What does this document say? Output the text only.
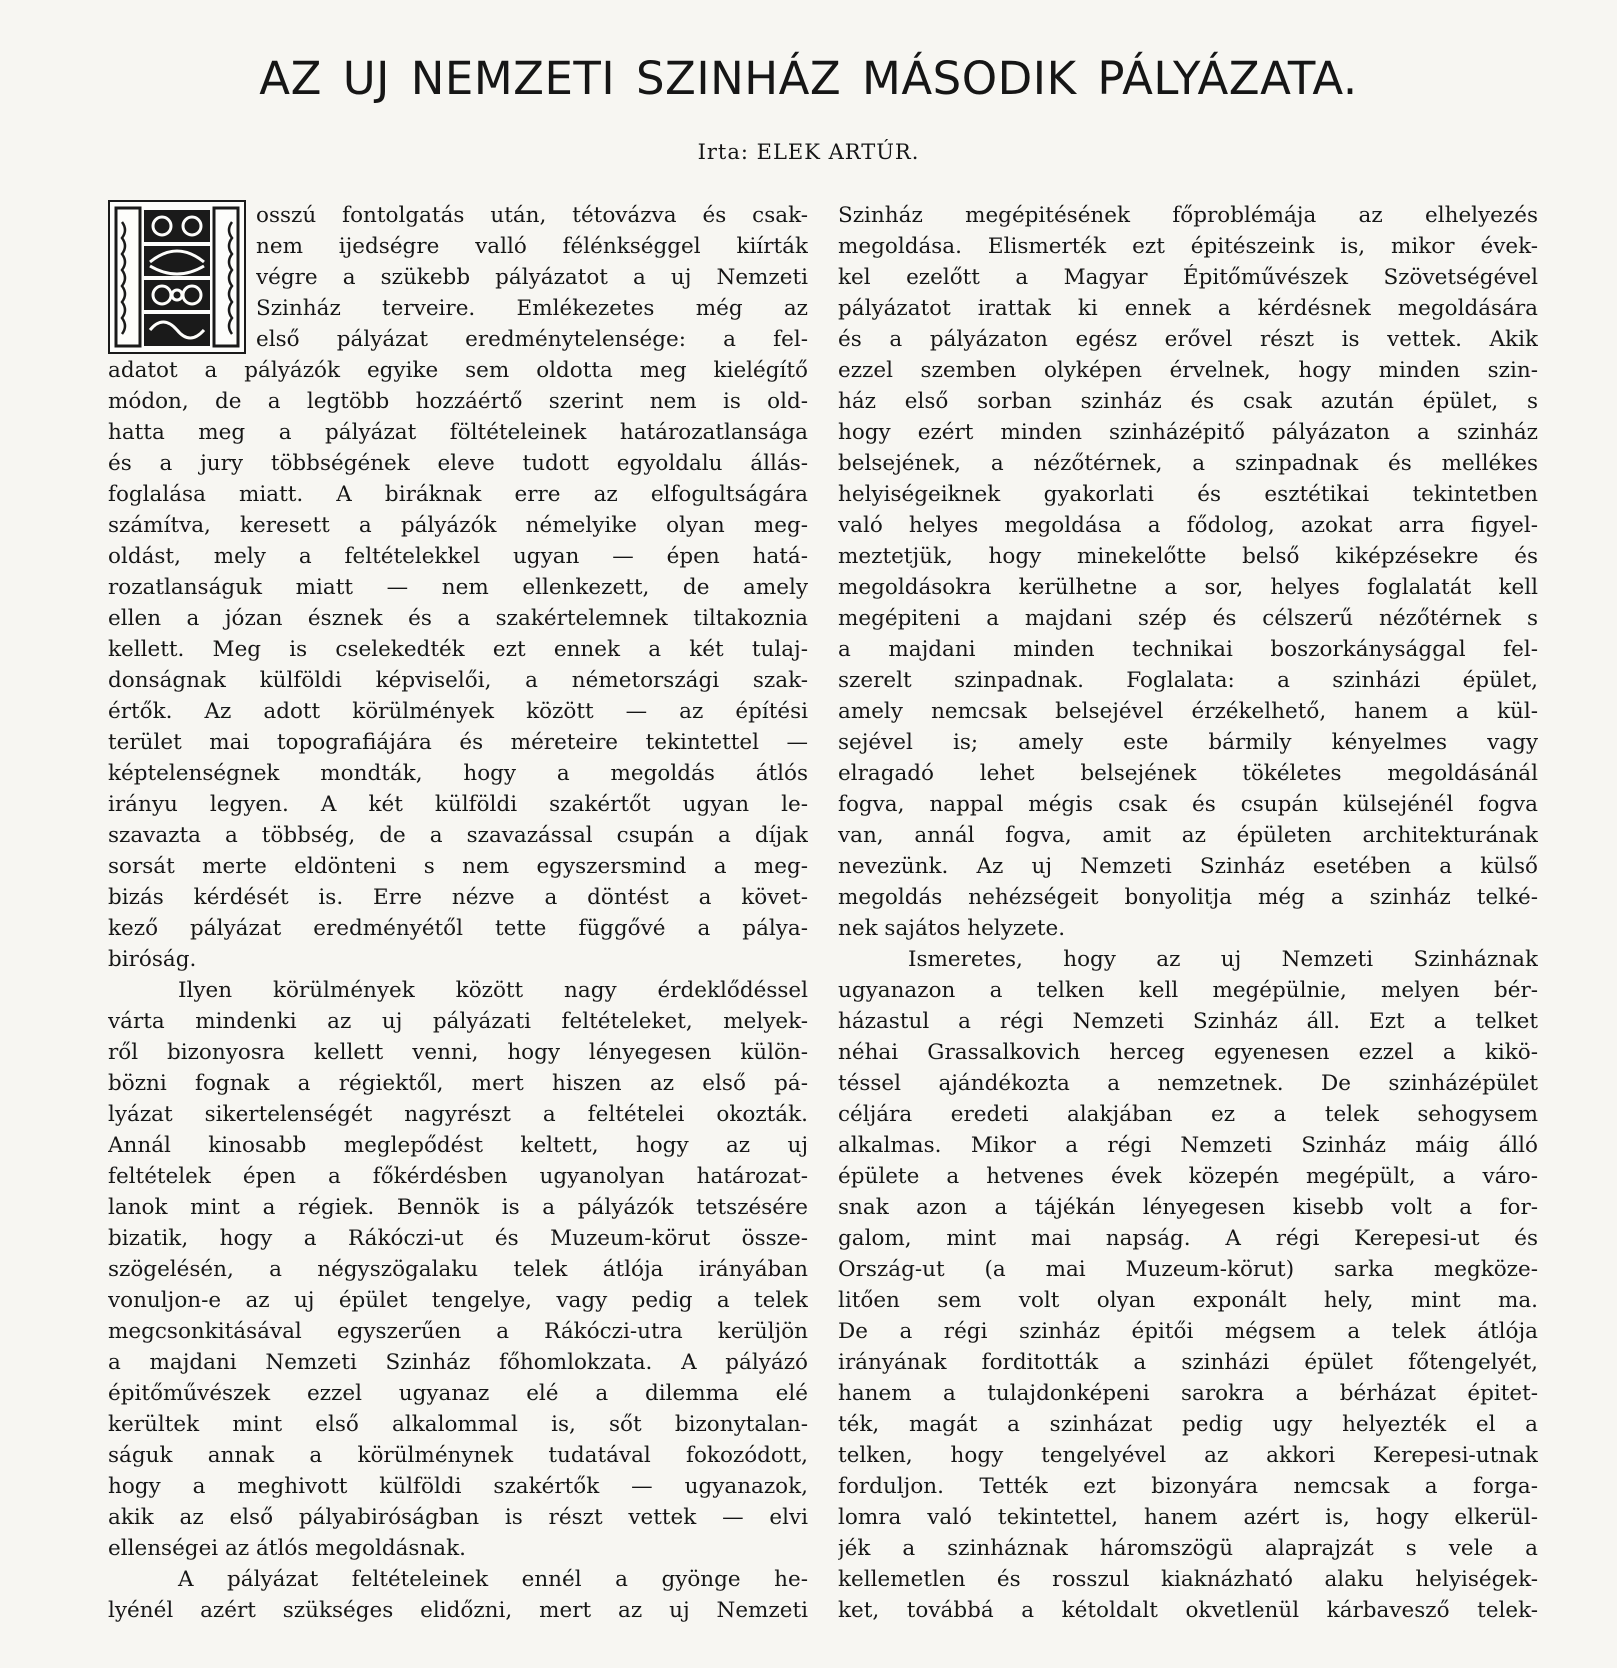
AZ UJ NEMZETI SZINHÁZ MÁSODIK PÁLYÁZATA.
Irta: ELEK ARTÚR.
osszú fontolgatás után, tétovázva és csak-
nem ijedségre valló félénkséggel kiírták
végre a szükebb pályázatot a uj Nemzeti
Szinház terveire. Emlékezetes még az
első pályázat eredménytelensége: a fel-
adatot a pályázók egyike sem oldotta meg kielégítő
módon, de a legtöbb hozzáértő szerint nem is old-
hatta meg a pályázat föltételeinek határozatlansága
és a jury többségének eleve tudott egyoldalu állás-
foglalása miatt. A biráknak erre az elfogultságára
számítva, keresett a pályázók némelyike olyan meg-
oldást, mely a feltételekkel ugyan — épen hatá-
rozatlanságuk miatt — nem ellenkezett, de amely
ellen a józan észnek és a szakértelemnek tiltakoznia
kellett. Meg is cselekedték ezt ennek a két tulaj-
donságnak külföldi képviselői, a németországi szak-
értők. Az adott körülmények között — az építési
terület mai topografiájára és méreteire tekintettel —
képtelenségnek mondták, hogy a megoldás átlós
irányu legyen. A két külföldi szakértőt ugyan le-
szavazta a többség, de a szavazással csupán a díjak
sorsát merte eldönteni s nem egyszersmind a meg-
bizás kérdését is. Erre nézve a döntést a követ-
kező pályázat eredményétől tette függővé a pálya-
biróság.
Ilyen körülmények között nagy érdeklődéssel
várta mindenki az uj pályázati feltételeket, melyek-
ről bizonyosra kellett venni, hogy lényegesen külön-
bözni fognak a régiektől, mert hiszen az első pá-
lyázat sikertelenségét nagyrészt a feltételei okozták.
Annál kinosabb meglepődést keltett, hogy az uj
feltételek épen a főkérdésben ugyanolyan határozat-
lanok mint a régiek. Bennök is a pályázók tetszésére
bizatik, hogy a Rákóczi-ut és Muzeum-körut össze-
szögelésén, a négyszögalaku telek átlója irányában
vonuljon-e az uj épület tengelye, vagy pedig a telek
megcsonkitásával egyszerűen a Rákóczi-utra kerüljön
a majdani Nemzeti Szinház főhomlokzata. A pályázó
épitőművészek ezzel ugyanaz elé a dilemma elé
kerültek mint első alkalommal is, sőt bizonytalan-
ságuk annak a körülménynek tudatával fokozódott,
hogy a meghivott külföldi szakértők — ugyanazok,
akik az első pályabiróságban is részt vettek — elvi
ellenségei az átlós megoldásnak.
A pályázat feltételeinek ennél a gyönge he-
lyénél azért szükséges elidőzni, mert az uj Nemzeti
Szinház megépitésének főproblémája az elhelyezés
megoldása. Elismerték ezt épitészeink is, mikor évek-
kel ezelőtt a Magyar Épitőművészek Szövetségével
pályázatot irattak ki ennek a kérdésnek megoldására
és a pályázaton egész erővel részt is vettek. Akik
ezzel szemben olyképen érvelnek, hogy minden szin-
ház első sorban szinház és csak azután épület, s
hogy ezért minden szinházépitő pályázaton a szinház
belsejének, a nézőtérnek, a szinpadnak és mellékes
helyiségeiknek gyakorlati és esztétikai tekintetben
való helyes megoldása a fődolog, azokat arra figyel-
meztetjük, hogy minekelőtte belső kiképzésekre és
megoldásokra kerülhetne a sor, helyes foglalatát kell
megépiteni a majdani szép és célszerű nézőtérnek s
a majdani minden technikai boszorkánysággal fel-
szerelt szinpadnak. Foglalata: a szinházi épület,
amely nemcsak belsejével érzékelhető, hanem a kül-
sejével is; amely este bármily kényelmes vagy
elragadó lehet belsejének tökéletes megoldásánál
fogva, nappal mégis csak és csupán külsejénél fogva
van, annál fogva, amit az épületen architekturának
nevezünk. Az uj Nemzeti Szinház esetében a külső
megoldás nehézségeit bonyolitja még a szinház telké-
nek sajátos helyzete.
Ismeretes, hogy az uj Nemzeti Szinháznak
ugyanazon a telken kell megépülnie, melyen bér-
házastul a régi Nemzeti Szinház áll. Ezt a telket
néhai Grassalkovich herceg egyenesen ezzel a kikö-
téssel ajándékozta a nemzetnek. De szinházépület
céljára eredeti alakjában ez a telek sehogysem
alkalmas. Mikor a régi Nemzeti Szinház máig álló
épülete a hetvenes évek közepén megépült, a váro-
snak azon a tájékán lényegesen kisebb volt a for-
galom, mint mai napság. A régi Kerepesi-ut és
Ország-ut (a mai Muzeum-körut) sarka megköze-
litően sem volt olyan exponált hely, mint ma.
De a régi szinház épitői mégsem a telek átlója
irányának forditották a szinházi épület főtengelyét,
hanem a tulajdonképeni sarokra a bérházat épitet-
ték, magát a szinházat pedig ugy helyezték el a
telken, hogy tengelyével az akkori Kerepesi-utnak
forduljon. Tették ezt bizonyára nemcsak a forga-
lomra való tekintettel, hanem azért is, hogy elkerül-
jék a szinháznak háromszögü alaprajzát s vele a
kellemetlen és rosszul kiaknázható alaku helyiségek-
ket, továbbá a kétoldalt okvetlenül kárbavesző telek-
